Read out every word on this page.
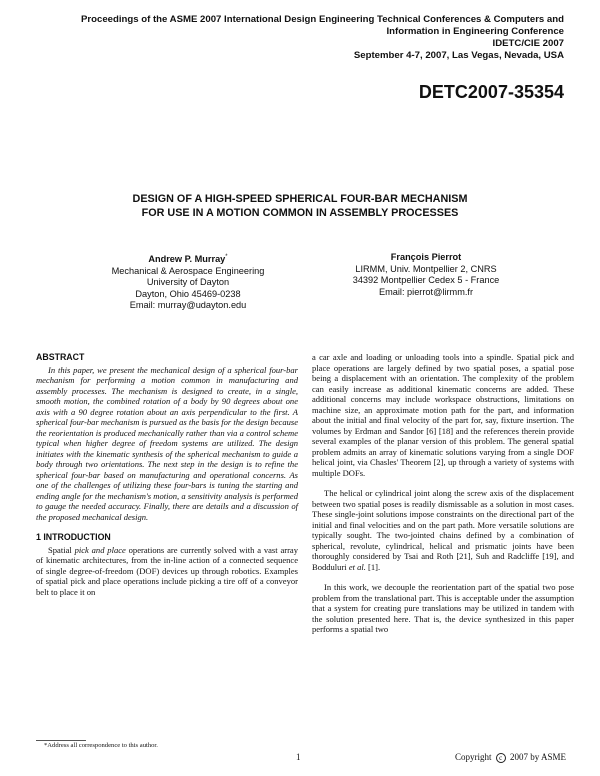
Proceedings of the ASME 2007 International Design Engineering Technical Conferences & Computers and
Information in Engineering Conference
IDETC/CIE 2007
September 4-7, 2007, Las Vegas, Nevada, USA
DETC2007-35354
DESIGN OF A HIGH-SPEED SPHERICAL FOUR-BAR MECHANISM
FOR USE IN A MOTION COMMON IN ASSEMBLY PROCESSES
Andrew P. Murray*
Mechanical & Aerospace Engineering
University of Dayton
Dayton, Ohio 45469-0238
Email: murray@udayton.edu
François Pierrot
LIRMM, Univ. Montpellier 2, CNRS
34392 Montpellier Cedex 5 - France
Email: pierrot@lirmm.fr
ABSTRACT

In this paper, we present the mechanical design of a spherical four-bar mechanism for performing a motion common in manufacturing and assembly processes. The mechanism is designed to create, in a single, smooth motion, the combined rotation of a body by 90 degrees about one axis with a 90 degree rotation about an axis perpendicular to the first. A spherical four-bar mechanism is pursued as the basis for the design because the reorientation is produced mechanically rather than via a control scheme typical when higher degree of freedom systems are utilized. The design initiates with the kinematic synthesis of the spherical mechanism to guide a body through two orientations. The next step in the design is to refine the spherical four-bar based on manufacturing and operational concerns. As one of the challenges of utilizing these four-bars is tuning the starting and ending angle for the mechanism's motion, a sensitivity analysis is performed to gauge the needed accuracy. Finally, there are details and a discussion of the proposed mechanical design.

1 INTRODUCTION

Spatial pick and place operations are currently solved with a vast array of kinematic architectures, from the in-line action of a connected sequence of single degree-of-freedom (DOF) devices up through robotics. Examples of spatial pick and place operations include picking a tire off of a conveyor belt to place it on

a car axle and loading or unloading tools into a spindle. Spatial pick and place operations are largely defined by two spatial poses, a spatial pose being a displacement with an orientation. The complexity of the problem can easily increase as additional kinematic concerns are added. These additional concerns may include workspace obstructions, limitations on machine size, an approximate motion path for the part, and information about the initial and final velocity of the part for, say, fixture insertion. The volumes by Erdman and Sandor [6] [18] and the references therein provide several examples of the planar version of this problem. The general spatial problem admits an array of kinematic solutions varying from a single DOF helical joint, via Chasles' Theorem [2], up through a variety of systems with multiple DOFs.

The helical or cylindrical joint along the screw axis of the displacement between two spatial poses is readily dismissable as a solution in most cases. These single-joint solutions impose constraints on the directional part of the initial and final velocities and on the part path. More versatile solutions are typically sought. The two-jointed chains defined by a combination of spherical, revolute, cylindrical, helical and prismatic joints have been thoroughly considered by Tsai and Roth [21], Suh and Radcliffe [19], and Bodduluri et al. [1].

In this work, we decouple the reorientation part of the spatial two pose problem from the translational part. This is acceptable under the assumption that a system for creating pure translations may be utilized in tandem with the solution presented here. That is, the device synthesized in this paper performs a spatial two

*Address all correspondence to this author.
1	Copyright c 2007 by ASME
